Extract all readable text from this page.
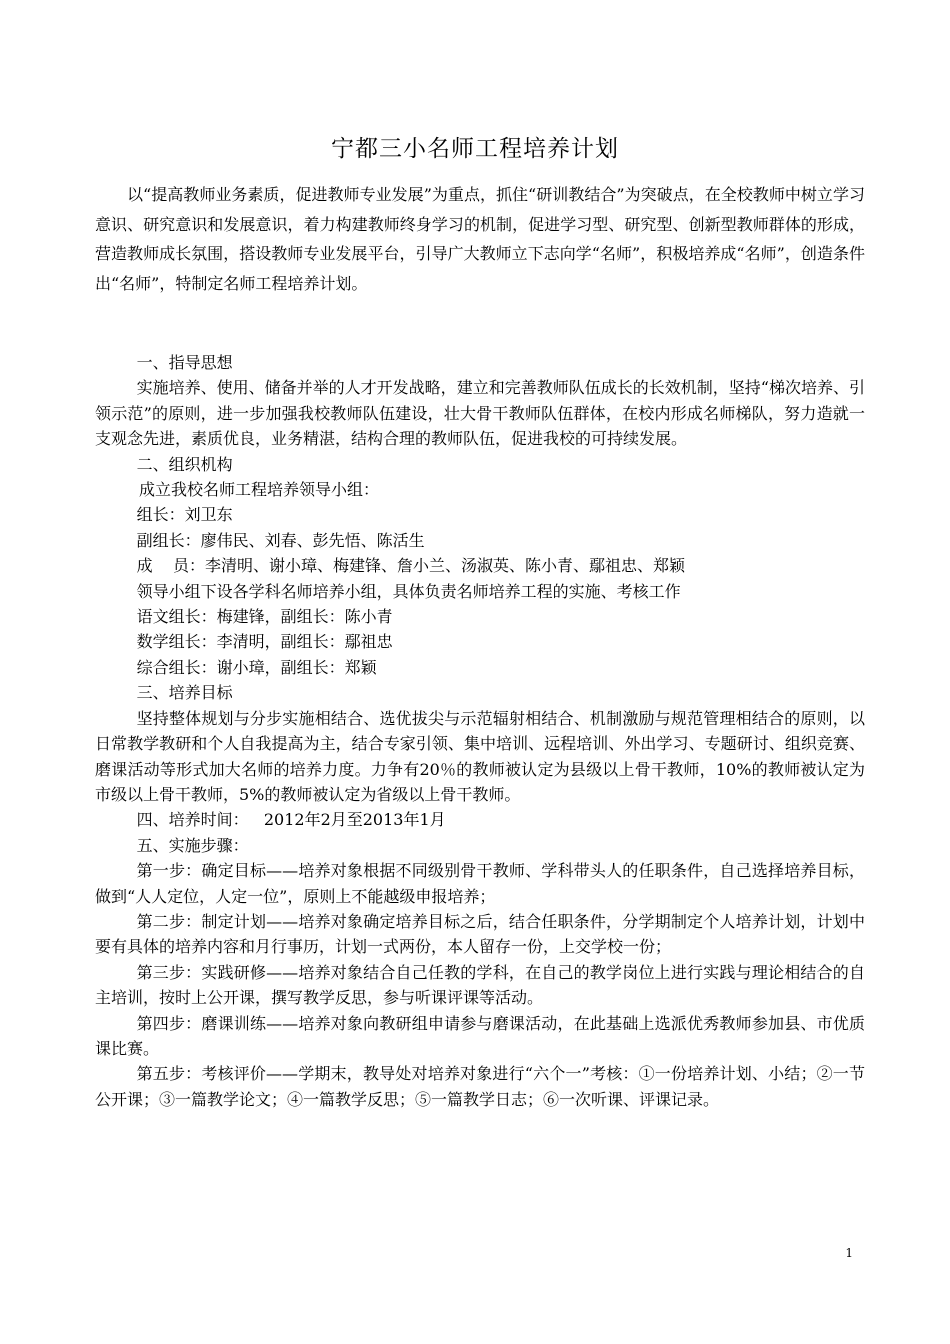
宁都三小名师工程培养计划

以“提高教师业务素质，促进教师专业发展”为重点，抓住“研训教结合”为突破点，在全校教师中树立学习意识、研究意识和发展意识，着力构建教师终身学习的机制，促进学习型、研究型、创新型教师群体的形成，营造教师成长氛围，搭设教师专业发展平台，引导广大教师立下志向学“名师”，积极培养成“名师”，创造条件出“名师”，特制定名师工程培养计划。

一、指导思想

实施培养、使用、储备并举的人才开发战略，建立和完善教师队伍成长的长效机制，坚持“梯次培养、引领示范”的原则，进一步加强我校教师队伍建设，壮大骨干教师队伍群体，在校内形成名师梯队，努力造就一支观念先进，素质优良，业务精湛，结构合理的教师队伍，促进我校的可持续发展。

二、组织机构

成立我校名师工程培养领导小组：

组长：刘卫东

副组长：廖伟民、刘春、彭先悟、陈活生

成    员：李清明、谢小璋、梅建锋、詹小兰、汤淑英、陈小青、鄢祖忠、郑颖

领导小组下设各学科名师培养小组，具体负责名师培养工程的实施、考核工作

语文组长：梅建锋，副组长：陈小青

数学组长：李清明，副组长：鄢祖忠

综合组长：谢小璋，副组长：郑颖

三、培养目标

坚持整体规划与分步实施相结合、选优拔尖与示范辐射相结合、机制激励与规范管理相结合的原则，以日常教学教研和个人自我提高为主，结合专家引领、集中培训、远程培训、外出学习、专题研讨、组织竞赛、磨课活动等形式加大名师的培养力度。力争有20％的教师被认定为县级以上骨干教师，10%的教师被认定为市级以上骨干教师，5%的教师被认定为省级以上骨干教师。

四、培养时间：   2012年2月至2013年1月

五、实施步骤：

第一步：确定目标——培养对象根据不同级别骨干教师、学科带头人的任职条件，自己选择培养目标，做到“人人定位，人定一位”，原则上不能越级申报培养；

第二步：制定计划——培养对象确定培养目标之后，结合任职条件，分学期制定个人培养计划，计划中要有具体的培养内容和月行事历，计划一式两份，本人留存一份，上交学校一份；

第三步：实践研修——培养对象结合自己任教的学科，在自己的教学岗位上进行实践与理论相结合的自主培训，按时上公开课，撰写教学反思，参与听课评课等活动。

第四步：磨课训练——培养对象向教研组申请参与磨课活动，在此基础上选派优秀教师参加县、市优质课比赛。

第五步：考核评价——学期末，教导处对培养对象进行“六个一”考核：①一份培养计划、小结；②一节公开课；③一篇教学论文；④一篇教学反思；⑤一篇教学日志；⑥一次听课、评课记录。

1
